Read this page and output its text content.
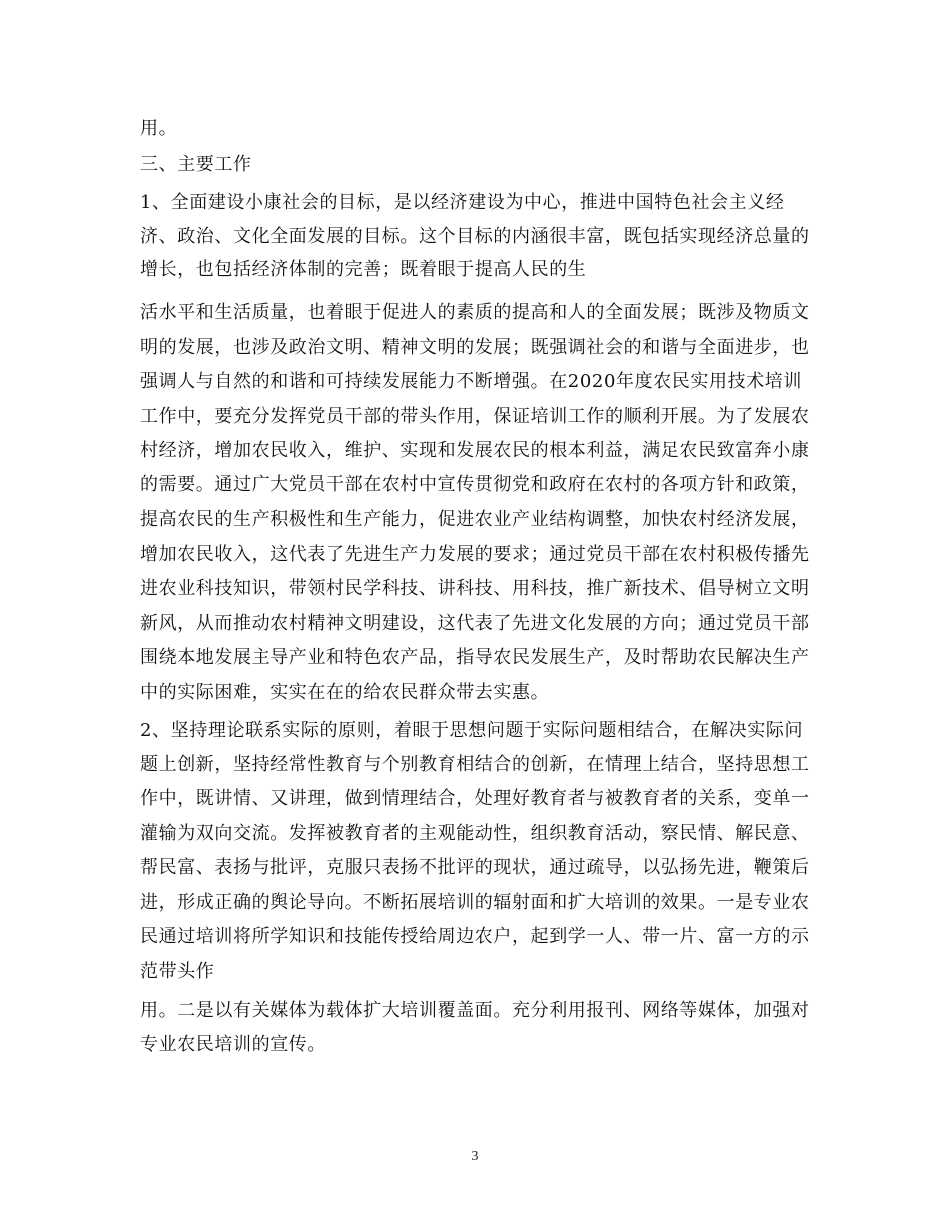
用。
三、主要工作
1、全面建设小康社会的目标，是以经济建设为中心，推进中国特色社会主义经
济、政治、文化全面发展的目标。这个目标的内涵很丰富，既包括实现经济总量的
增长，也包括经济体制的完善；既着眼于提高人民的生
活水平和生活质量，也着眼于促进人的素质的提高和人的全面发展；既涉及物质文
明的发展，也涉及政治文明、精神文明的发展；既强调社会的和谐与全面进步，也
强调人与自然的和谐和可持续发展能力不断增强。在2020年度农民实用技术培训
工作中，要充分发挥党员干部的带头作用，保证培训工作的顺利开展。为了发展农
村经济，增加农民收入，维护、实现和发展农民的根本利益，满足农民致富奔小康
的需要。通过广大党员干部在农村中宣传贯彻党和政府在农村的各项方针和政策，
提高农民的生产积极性和生产能力，促进农业产业结构调整，加快农村经济发展，
增加农民收入，这代表了先进生产力发展的要求；通过党员干部在农村积极传播先
进农业科技知识，带领村民学科技、讲科技、用科技，推广新技术、倡导树立文明
新风，从而推动农村精神文明建设，这代表了先进文化发展的方向；通过党员干部
围绕本地发展主导产业和特色农产品，指导农民发展生产，及时帮助农民解决生产
中的实际困难，实实在在的给农民群众带去实惠。
2、坚持理论联系实际的原则，着眼于思想问题于实际问题相结合，在解决实际问
题上创新，坚持经常性教育与个别教育相结合的创新，在情理上结合，坚持思想工
作中，既讲情、又讲理，做到情理结合，处理好教育者与被教育者的关系，变单一
灌输为双向交流。发挥被教育者的主观能动性，组织教育活动，察民情、解民意、
帮民富、表扬与批评，克服只表扬不批评的现状，通过疏导，以弘扬先进，鞭策后
进，形成正确的舆论导向。不断拓展培训的辐射面和扩大培训的效果。一是专业农
民通过培训将所学知识和技能传授给周边农户，起到学一人、带一片、富一方的示
范带头作
用。二是以有关媒体为载体扩大培训覆盖面。充分利用报刊、网络等媒体，加强对
专业农民培训的宣传。
3
